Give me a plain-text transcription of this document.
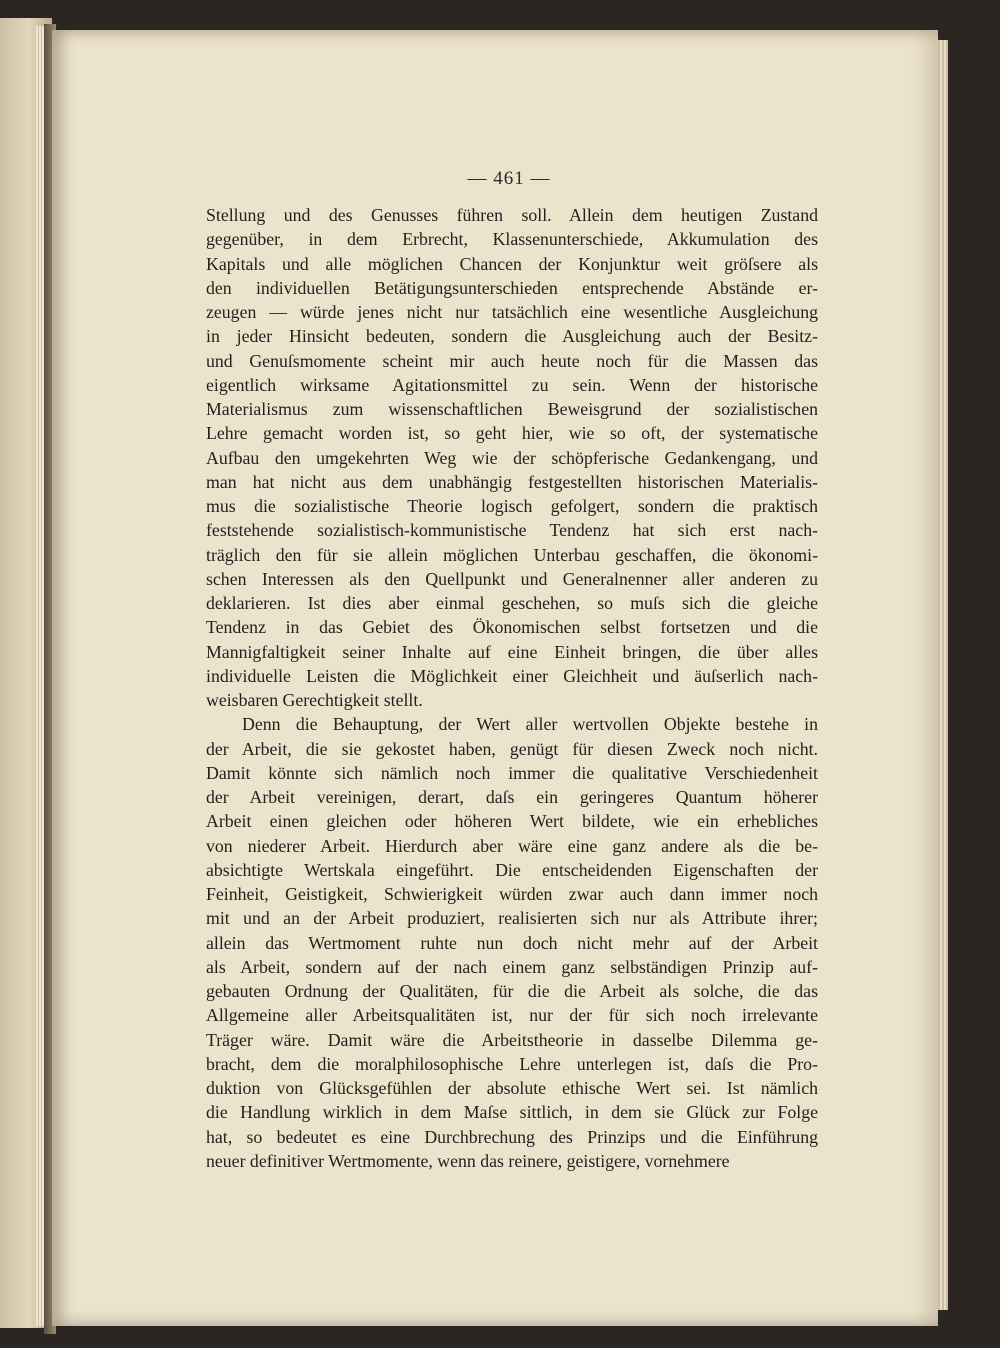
— 461 —
Stellung und des Genusses führen soll. Allein dem heutigen Zustand
gegenüber, in dem Erbrecht, Klassenunterschiede, Akkumulation des
Kapitals und alle möglichen Chancen der Konjunktur weit gröſsere als
den individuellen Betätigungsunterschieden entsprechende Abstände er-
zeugen — würde jenes nicht nur tatsächlich eine wesentliche Ausgleichung
in jeder Hinsicht bedeuten, sondern die Ausgleichung auch der Besitz-
und Genuſsmomente scheint mir auch heute noch für die Massen das
eigentlich wirksame Agitationsmittel zu sein. Wenn der historische
Materialismus zum wissenschaftlichen Beweisgrund der sozialistischen
Lehre gemacht worden ist, so geht hier, wie so oft, der systematische
Aufbau den umgekehrten Weg wie der schöpferische Gedankengang, und
man hat nicht aus dem unabhängig festgestellten historischen Materialis-
mus die sozialistische Theorie logisch gefolgert, sondern die praktisch
feststehende sozialistisch-kommunistische Tendenz hat sich erst nach-
träglich den für sie allein möglichen Unterbau geschaffen, die ökonomi-
schen Interessen als den Quellpunkt und Generalnenner aller anderen zu
deklarieren. Ist dies aber einmal geschehen, so muſs sich die gleiche
Tendenz in das Gebiet des Ökonomischen selbst fortsetzen und die
Mannigfaltigkeit seiner Inhalte auf eine Einheit bringen, die über alles
individuelle Leisten die Möglichkeit einer Gleichheit und äuſserlich nach-
weisbaren Gerechtigkeit stellt.
Denn die Behauptung, der Wert aller wertvollen Objekte bestehe in
der Arbeit, die sie gekostet haben, genügt für diesen Zweck noch nicht.
Damit könnte sich nämlich noch immer die qualitative Verschiedenheit
der Arbeit vereinigen, derart, daſs ein geringeres Quantum höherer
Arbeit einen gleichen oder höheren Wert bildete, wie ein erhebliches
von niederer Arbeit. Hierdurch aber wäre eine ganz andere als die be-
absichtigte Wertskala eingeführt. Die entscheidenden Eigenschaften der
Feinheit, Geistigkeit, Schwierigkeit würden zwar auch dann immer noch
mit und an der Arbeit produziert, realisierten sich nur als Attribute ihrer;
allein das Wertmoment ruhte nun doch nicht mehr auf der Arbeit
als Arbeit, sondern auf der nach einem ganz selbständigen Prinzip auf-
gebauten Ordnung der Qualitäten, für die die Arbeit als solche, die das
Allgemeine aller Arbeitsqualitäten ist, nur der für sich noch irrelevante
Träger wäre. Damit wäre die Arbeitstheorie in dasselbe Dilemma ge-
bracht, dem die moralphilosophische Lehre unterlegen ist, daſs die Pro-
duktion von Glücksgefühlen der absolute ethische Wert sei. Ist nämlich
die Handlung wirklich in dem Maſse sittlich, in dem sie Glück zur Folge
hat, so bedeutet es eine Durchbrechung des Prinzips und die Einführung
neuer definitiver Wertmomente, wenn das reinere, geistigere, vornehmere
